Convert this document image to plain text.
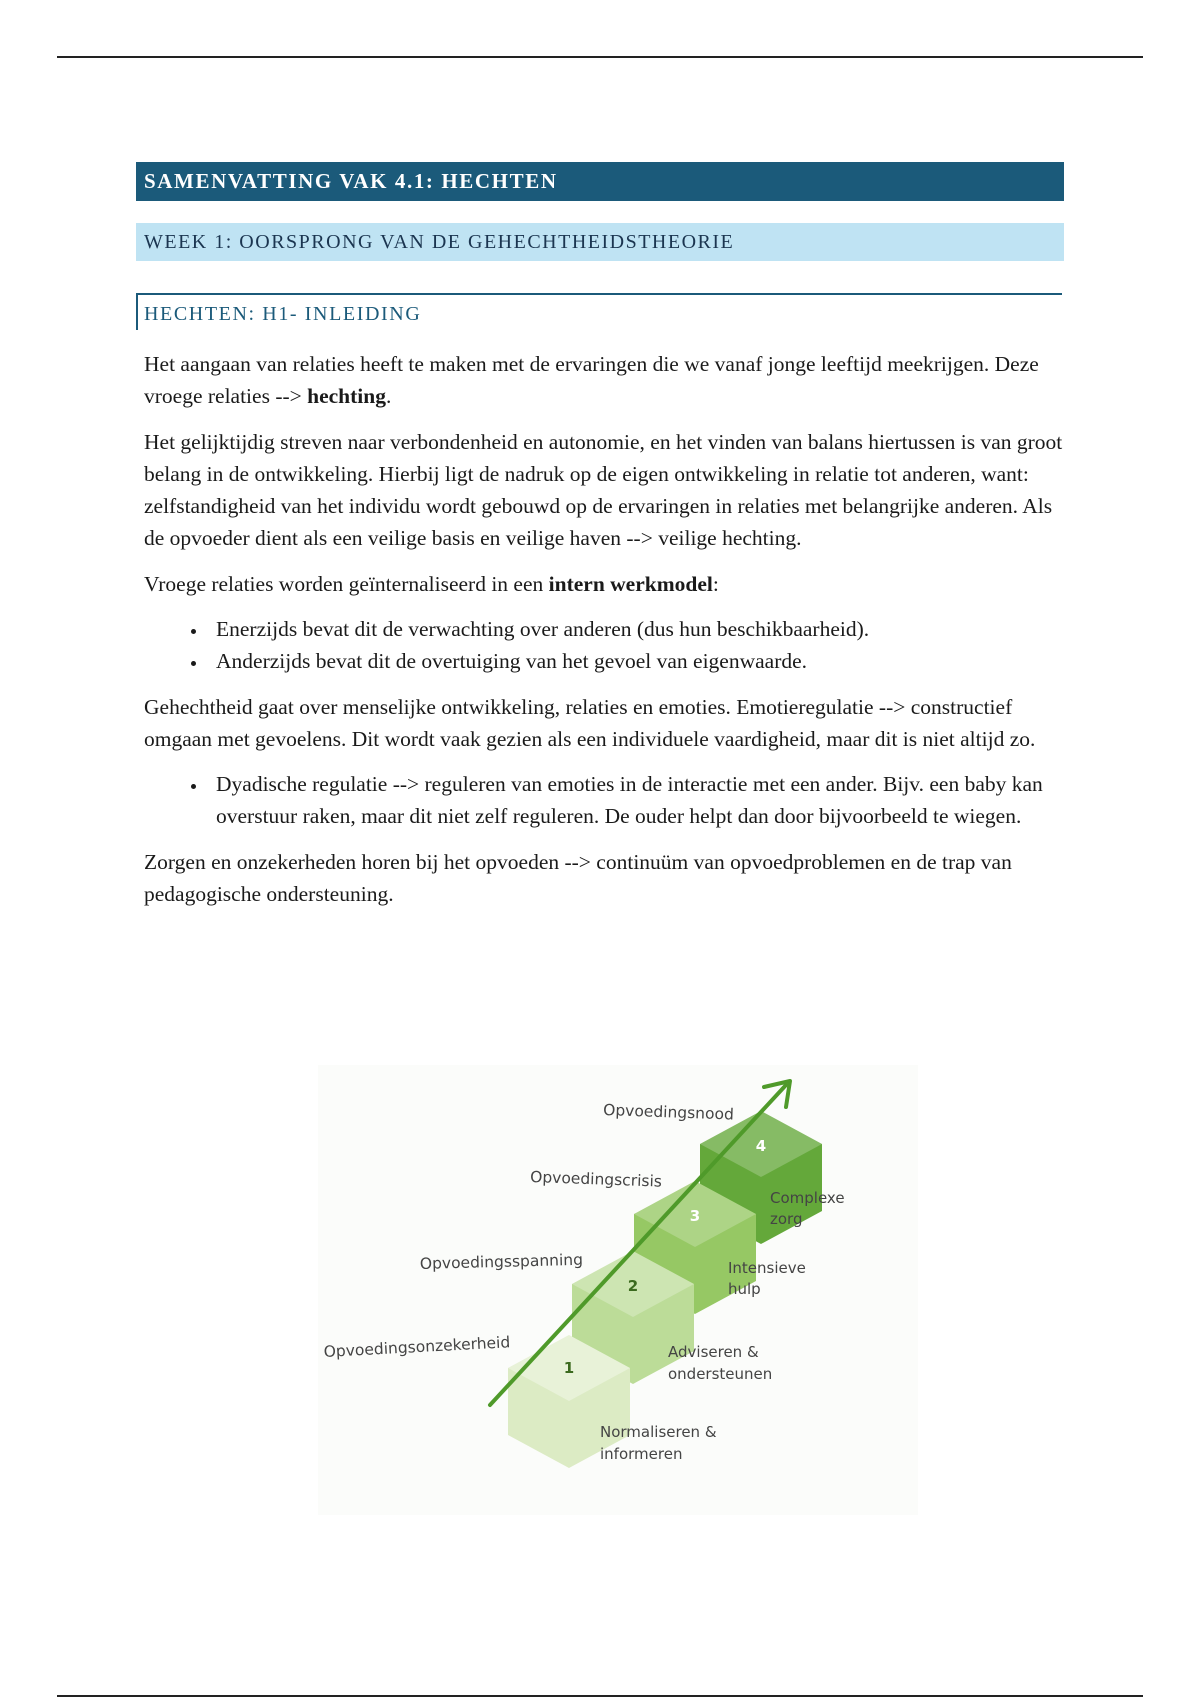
SAMENVATTING VAK 4.1: HECHTEN
WEEK 1: OORSPRONG VAN DE GEHECHTHEIDSTHEORIE
HECHTEN: H1- INLEIDING

Het aangaan van relaties heeft te maken met de ervaringen die we vanaf jonge leeftijd meekrijgen. Deze vroege relaties --> hechting.

Het gelijktijdig streven naar verbondenheid en autonomie, en het vinden van balans hiertussen is van groot belang in de ontwikkeling. Hierbij ligt de nadruk op de eigen ontwikkeling in relatie tot anderen, want: zelfstandigheid van het individu wordt gebouwd op de ervaringen in relaties met belangrijke anderen. Als de opvoeder dient als een veilige basis en veilige haven --> veilige hechting.

Vroege relaties worden geïnternaliseerd in een intern werkmodel:

• Enerzijds bevat dit de verwachting over anderen (dus hun beschikbaarheid).
• Anderzijds bevat dit de overtuiging van het gevoel van eigenwaarde.

Gehechtheid gaat over menselijke ontwikkeling, relaties en emoties. Emotieregulatie --> constructief omgaan met gevoelens. Dit wordt vaak gezien als een individuele vaardigheid, maar dit is niet altijd zo.

• Dyadische regulatie --> reguleren van emoties in de interactie met een ander. Bijv. een baby kan overstuur raken, maar dit niet zelf reguleren. De ouder helpt dan door bijvoorbeeld te wiegen.

Zorgen en onzekerheden horen bij het opvoeden --> continuüm van opvoedproblemen en de trap van pedagogische ondersteuning.

4
3
2
1
Complexe
zorg
Intensieve
hulp
Adviseren &
ondersteunen
Normaliseren &
informeren
Opvoedingsnood
Opvoedingscrisis
Opvoedingsspanning
Opvoedingsonzekerheid
